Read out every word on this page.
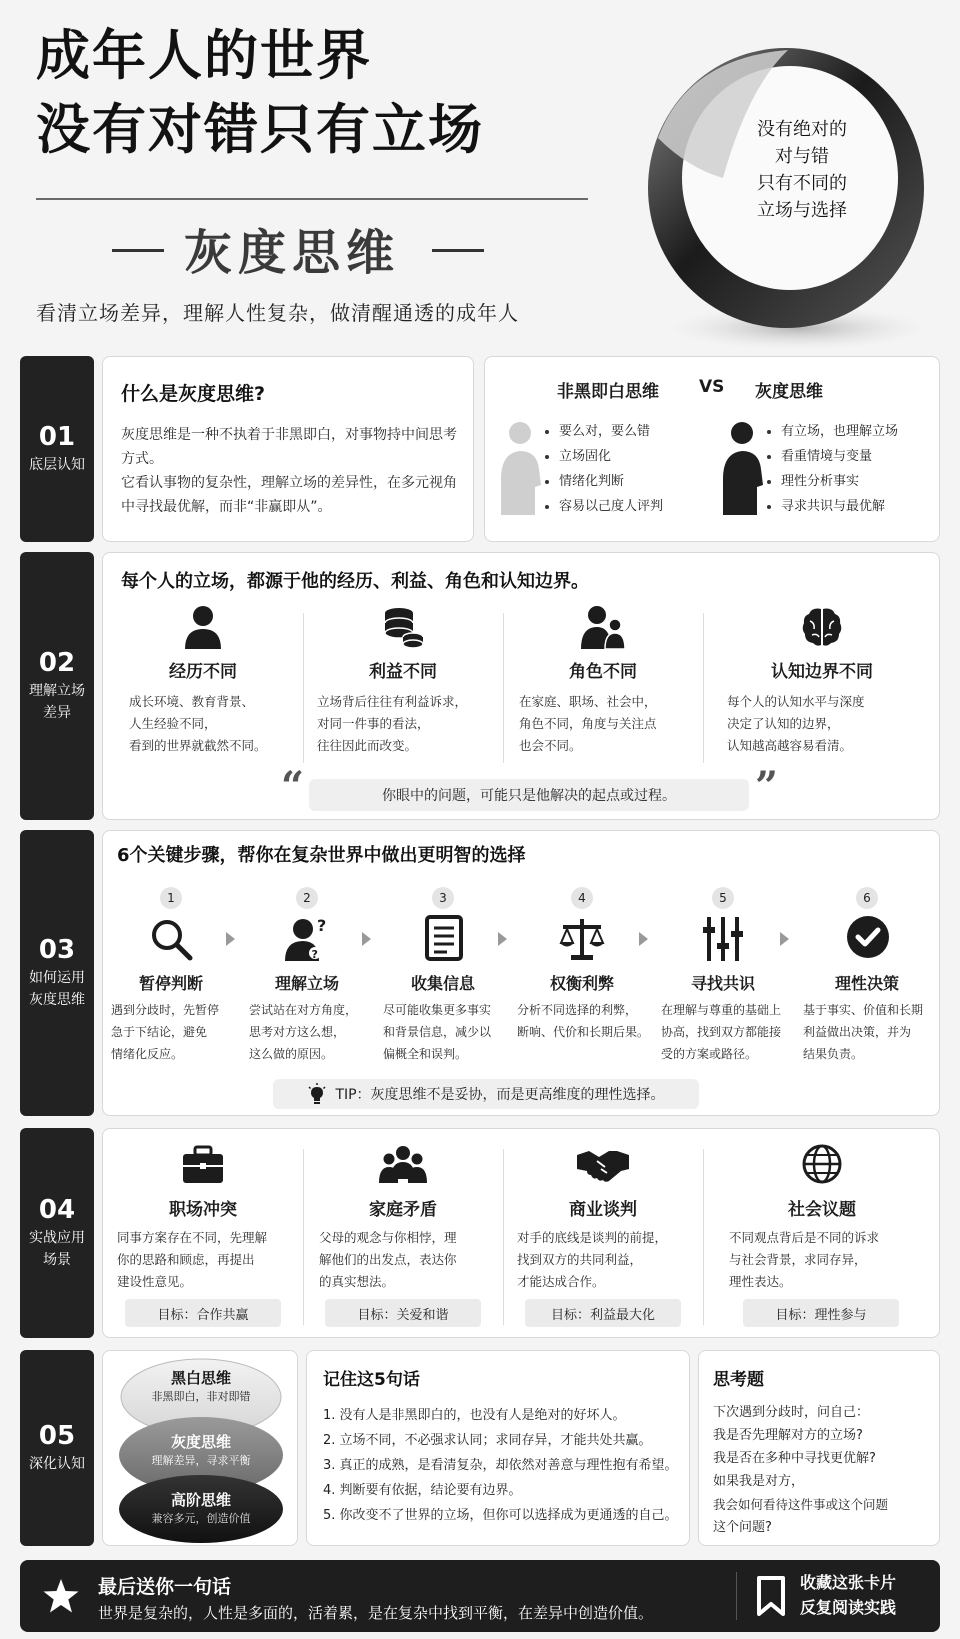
成年人的世界
没有对错只有立场
灰度思维
看清立场差异，理解人性复杂，做清醒通透的成年人
没有绝对的
对与错
只有不同的
立场与选择
01
底层认知
什么是灰度思维?
灰度思维是一种不执着于非黑即白，对事物持中间思考方式。
它看认事物的复杂性，理解立场的差异性，在多元视角中寻找最优解，而非“非赢即从”。
非黑即白思维 VS 灰度思维
要么对，要么错
立场固化
情绪化判断
容易以己度人评判
有立场，也理解立场
看重情境与变量
理性分析事实
寻求共识与最优解
02
理解立场
差异
每个人的立场，都源于他的经历、利益、角色和认知边界。
经历不同
成长环境、教育背景、
人生经验不同，
看到的世界就截然不同。
利益不同
立场背后往往有利益诉求，
对同一件事的看法，
往往因此而改变。
角色不同
在家庭、职场、社会中，
角色不同，角度与关注点
也会不同。
认知边界不同
每个人的认知水平与深度
决定了认知的边界，
认知越高越容易看清。
“	你眼中的问题，可能只是他解决的起点或过程。	”
03
如何运用
灰度思维
6个关键步骤，帮你在复杂世界中做出更明智的选择
1
暂停判断
遇到分歧时，先暂停
急于下结论，避免
情绪化反应。
2
?
?
理解立场
尝试站在对方角度，
思考对方这么想，
这么做的原因。
3
收集信息
尽可能收集更多事实
和背景信息，减少以
偏概全和误判。
4
权衡利弊
分析不同选择的利弊，
断响、代价和长期后果。
5
寻找共识
在理解与尊重的基础上
协高，找到双方都能接
受的方案或路径。
6
理性决策
基于事实、价值和长期
利益做出决策，并为
结果负责。
TIP：灰度思维不是妥协，而是更高维度的理性选择。
04
实战应用
场景
职场冲突
同事方案存在不同，先理解
你的思路和顾虑，再提出
建设性意见。
目标：合作共赢
家庭矛盾
父母的观念与你相悖，理
解他们的出发点，表达你
的真实想法。
目标：关爱和谐
商业谈判
对手的底线是谈判的前提，
找到双方的共同利益，
才能达成合作。
目标：利益最大化
社会议题
不同观点背后是不同的诉求
与社会背景，求同存异，
理性表达。
目标：理性参与
05
深化认知
黑白思维
非黑即白，非对即错
灰度思维
理解差异，寻求平衡
高阶思维
兼容多元，创造价值
记住这5句话
1. 没有人是非黑即白的，也没有人是绝对的好坏人。
2. 立场不同，不必强求认同；求同存异，才能共处共赢。
3. 真正的成熟，是看清复杂，却依然对善意与理性抱有希望。
4. 判断要有依据，结论要有边界。
5. 你改变不了世界的立场，但你可以选择成为更通透的自己。
思考题
下次遇到分歧时，问自己：
我是否先理解对方的立场?
我是否在多种中寻找更优解?
如果我是对方，
我会如何看待这件事或这个问题
这个问题?
最后送你一句话
世界是复杂的，人性是多面的，活着累，是在复杂中找到平衡，在差异中创造价值。
收藏这张卡片
反复阅读实践
